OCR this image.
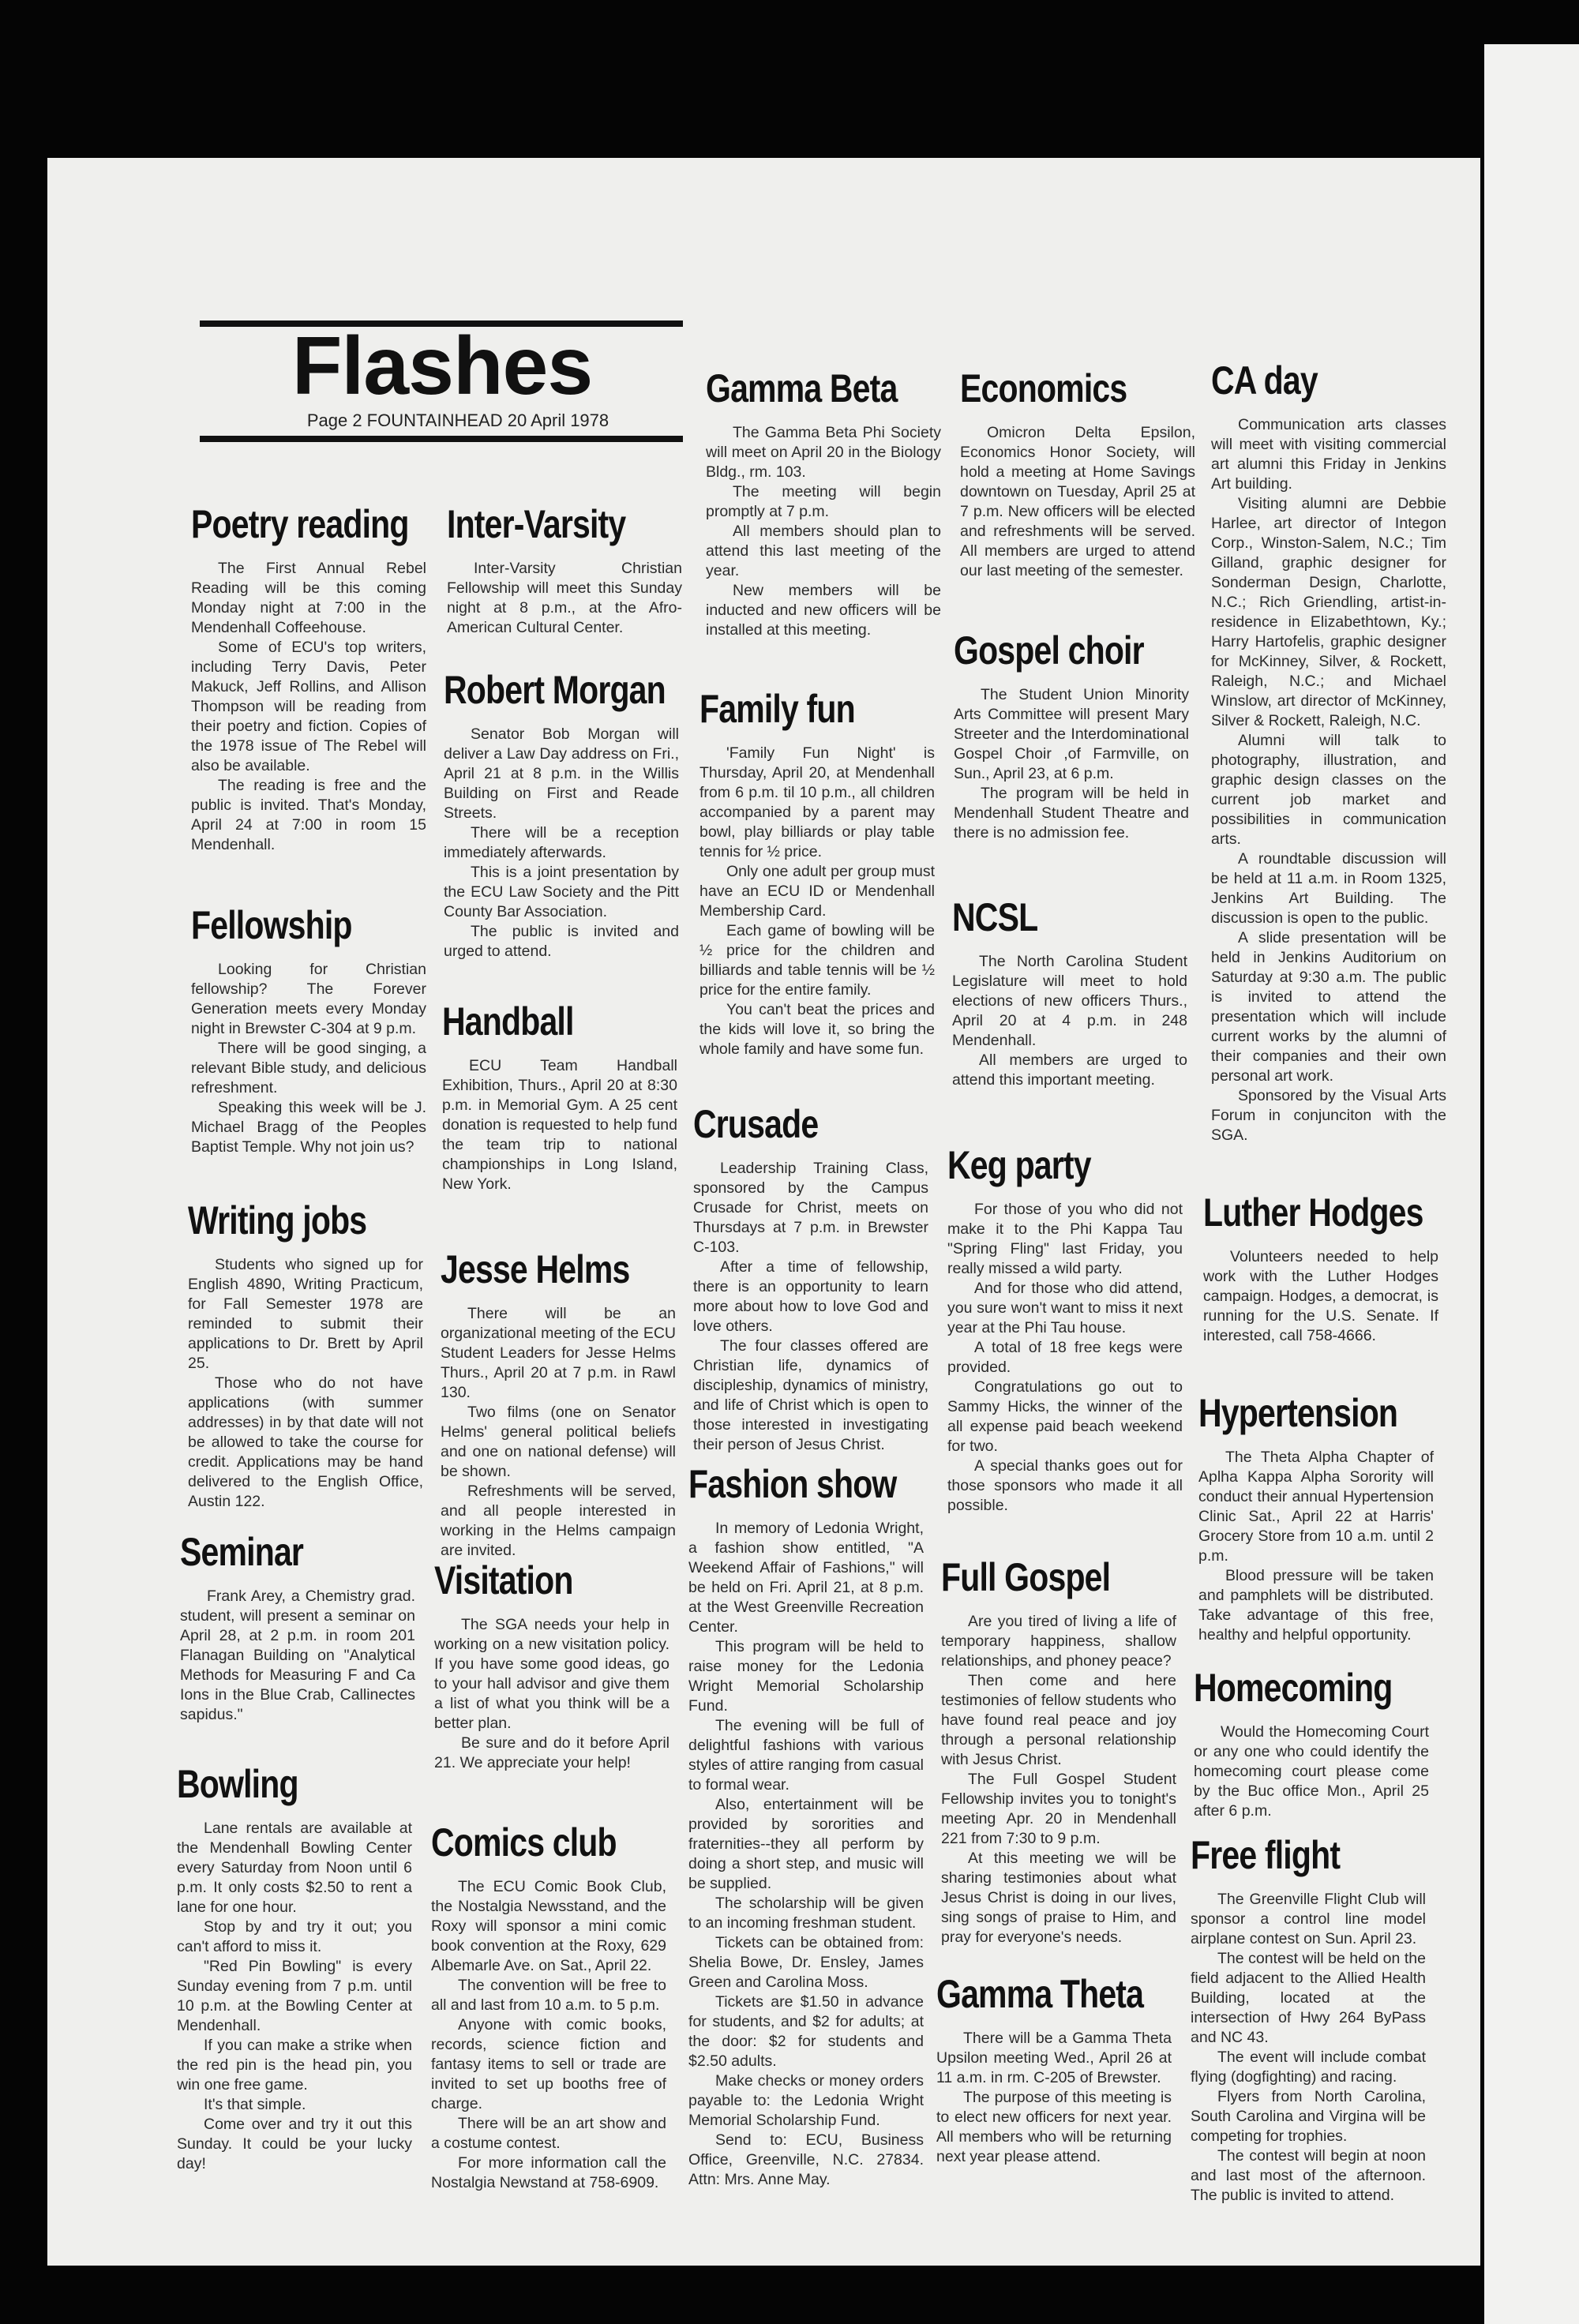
Flashes
Page 2 FOUNTAINHEAD 20 April 1978
Poetry reading

The First Annual Rebel Reading will be this coming Monday night at 7:00 in the Mendenhall Coffeehouse.

Some of ECU's top writers, including Terry Davis, Peter Makuck, Jeff Rollins, and Allison Thompson will be reading from their poetry and fiction. Copies of the 1978 issue of The Rebel will also be available.

The reading is free and the public is invited. That's Monday, April 24 at 7:00 in room 15 Mendenhall.

Fellowship

Looking for Christian fellowship? The Forever Generation meets every Monday night in Brewster C-304 at 9 p.m.

There will be good singing, a relevant Bible study, and delicious refreshment.

Speaking this week will be J. Michael Bragg of the Peoples Baptist Temple. Why not join us?

Writing jobs

Students who signed up for English 4890, Writing Practicum, for Fall Semester 1978 are reminded to submit their applications to Dr. Brett by April 25.

Those who do not have applications (with summer addresses) in by that date will not be allowed to take the course for credit. Applications may be hand delivered to the English Office, Austin 122.

Seminar

Frank Arey, a Chemistry grad. student, will present a seminar on April 28, at 2 p.m. in room 201 Flanagan Building on "Analytical Methods for Measuring F and Ca Ions in the Blue Crab, Callinectes sapidus."

Bowling

Lane rentals are available at the Mendenhall Bowling Center every Saturday from Noon until 6 p.m. It only costs $2.50 to rent a lane for one hour.

Stop by and try it out; you can't afford to miss it.

"Red Pin Bowling" is every Sunday evening from 7 p.m. until 10 p.m. at the Bowling Center at Mendenhall.

If you can make a strike when the red pin is the head pin, you win one free game.

It's that simple.

Come over and try it out this Sunday. It could be your lucky day!

Inter-Varsity

Inter-Varsity Christian Fellowship will meet this Sunday night at 8 p.m., at the Afro-American Cultural Center.

Robert Morgan

Senator Bob Morgan will deliver a Law Day address on Fri., April 21 at 8 p.m. in the Willis Building on First and Reade Streets.

There will be a reception immediately afterwards.

This is a joint presentation by the ECU Law Society and the Pitt County Bar Association.

The public is invited and urged to attend.

Handball

ECU Team Handball Exhibition, Thurs., April 20 at 8:30 p.m. in Memorial Gym. A 25 cent donation is requested to help fund the team trip to national championships in Long Island, New York.

Jesse Helms

There will be an organizational meeting of the ECU Student Leaders for Jesse Helms Thurs., April 20 at 7 p.m. in Rawl 130.

Two films (one on Senator Helms' general political beliefs and one on national defense) will be shown.

Refreshments will be served, and all people interested in working in the Helms campaign are invited.

Visitation

The SGA needs your help in working on a new visitation policy. If you have some good ideas, go to your hall advisor and give them a list of what you think will be a better plan.

Be sure and do it before April 21. We appreciate your help!

Comics club

The ECU Comic Book Club, the Nostalgia Newsstand, and the Roxy will sponsor a mini comic book convention at the Roxy, 629 Albemarle Ave. on Sat., April 22.

The convention will be free to all and last from 10 a.m. to 5 p.m.

Anyone with comic books, records, science fiction and fantasy items to sell or trade are invited to set up booths free of charge.

There will be an art show and a costume contest.

For more information call the Nostalgia Newstand at 758-6909.

Gamma Beta

The Gamma Beta Phi Society will meet on April 20 in the Biology Bldg., rm. 103.

The meeting will begin promptly at 7 p.m.

All members should plan to attend this last meeting of the year.

New members will be inducted and new officers will be installed at this meeting.

Family fun

'Family Fun Night' is Thursday, April 20, at Mendenhall from 6 p.m. til 10 p.m., all children accompanied by a parent may bowl, play billiards or play table tennis for ½ price.

Only one adult per group must have an ECU ID or Mendenhall Membership Card.

Each game of bowling will be ½ price for the children and billiards and table tennis will be ½ price for the entire family.

You can't beat the prices and the kids will love it, so bring the whole family and have some fun.

Crusade

Leadership Training Class, sponsored by the Campus Crusade for Christ, meets on Thursdays at 7 p.m. in Brewster C-103.

After a time of fellowship, there is an opportunity to learn more about how to love God and love others.

The four classes offered are Christian life, dynamics of discipleship, dynamics of ministry, and life of Christ which is open to those interested in investigating their person of Jesus Christ.

Fashion show

In memory of Ledonia Wright, a fashion show entitled, "A Weekend Affair of Fashions," will be held on Fri. April 21, at 8 p.m. at the West Greenville Recreation Center.

This program will be held to raise money for the Ledonia Wright Memorial Scholarship Fund.

The evening will be full of delightful fashions with various styles of attire ranging from casual to formal wear.

Also, entertainment will be provided by sororities and fraternities--they all perform by doing a short step, and music will be supplied.

The scholarship will be given to an incoming freshman student.

Tickets can be obtained from: Shelia Bowe, Dr. Ensley, James Green and Carolina Moss.

Tickets are $1.50 in advance for students, and $2 for adults; at the door: $2 for students and $2.50 adults.

Make checks or money orders payable to: the Ledonia Wright Memorial Scholarship Fund.

Send to: ECU, Business Office, Greenville, N.C. 27834. Attn: Mrs. Anne May.

Economics

Omicron Delta Epsilon, Economics Honor Society, will hold a meeting at Home Savings downtown on Tuesday, April 25 at 7 p.m. New officers will be elected and refreshments will be served. All members are urged to attend our last meeting of the semester.

Gospel choir

The Student Union Minority Arts Committee will present Mary Streeter and the Interdominational Gospel Choir ,of Farmville, on Sun., April 23, at 6 p.m.

The program will be held in Mendenhall Student Theatre and there is no admission fee.

NCSL

The North Carolina Student Legislature will meet to hold elections of new officers Thurs., April 20 at 4 p.m. in 248 Mendenhall.

All members are urged to attend this important meeting.

Keg party

For those of you who did not make it to the Phi Kappa Tau "Spring Fling" last Friday, you really missed a wild party.

And for those who did attend, you sure won't want to miss it next year at the Phi Tau house.

A total of 18 free kegs were provided.

Congratulations go out to Sammy Hicks, the winner of the all expense paid beach weekend for two.

A special thanks goes out for those sponsors who made it all possible.

Full Gospel

Are you tired of living a life of temporary happiness, shallow relationships, and phoney peace?

Then come and here testimonies of fellow students who have found real peace and joy through a personal relationship with Jesus Christ.

The Full Gospel Student Fellowship invites you to tonight's meeting Apr. 20 in Mendenhall 221 from 7:30 to 9 p.m.

At this meeting we will be sharing testimonies about what Jesus Christ is doing in our lives, sing songs of praise to Him, and pray for everyone's needs.

Gamma Theta

There will be a Gamma Theta Upsilon meeting Wed., April 26 at 11 a.m. in rm. C-205 of Brewster.

The purpose of this meeting is to elect new officers for next year. All members who will be returning next year please attend.

CA day

Communication arts classes will meet with visiting commercial art alumni this Friday in Jenkins Art building.

Visiting alumni are Debbie Harlee, art director of Integon Corp., Winston-Salem, N.C.; Tim Gilland, graphic designer for Sonderman Design, Charlotte, N.C.; Rich Griendling, artist-in-residence in Elizabethtown, Ky.; Harry Hartofelis, graphic designer for McKinney, Silver, & Rockett, Raleigh, N.C.; and Michael Winslow, art director of McKinney, Silver & Rockett, Raleigh, N.C.

Alumni will talk to photography, illustration, and graphic design classes on the current job market and possibilities in communication arts.

A roundtable discussion will be held at 11 a.m. in Room 1325, Jenkins Art Building. The discussion is open to the public.

A slide presentation will be held in Jenkins Auditorium on Saturday at 9:30 a.m. The public is invited to attend the presentation which will include current works by the alumni of their companies and their own personal art work.

Sponsored by the Visual Arts Forum in conjunciton with the SGA.

Luther Hodges

Volunteers needed to help work with the Luther Hodges campaign. Hodges, a democrat, is running for the U.S. Senate. If interested, call 758-4666.

Hypertension

The Theta Alpha Chapter of Aplha Kappa Alpha Sorority will conduct their annual Hypertension Clinic Sat., April 22 at Harris' Grocery Store from 10 a.m. until 2 p.m.

Blood pressure will be taken and pamphlets will be distributed. Take advantage of this free, healthy and helpful opportunity.

Homecoming

Would the Homecoming Court or any one who could identify the homecoming court please come by the Buc office Mon., April 25 after 6 p.m.

Free flight

The Greenville Flight Club will sponsor a control line model airplane contest on Sun. April 23.

The contest will be held on the field adjacent to the Allied Health Building, located at the intersection of Hwy 264 ByPass and NC 43.

The event will include combat flying (dogfighting) and racing.

Flyers from North Carolina, South Carolina and Virgina will be competing for trophies.

The contest will begin at noon and last most of the afternoon. The public is invited to attend.
